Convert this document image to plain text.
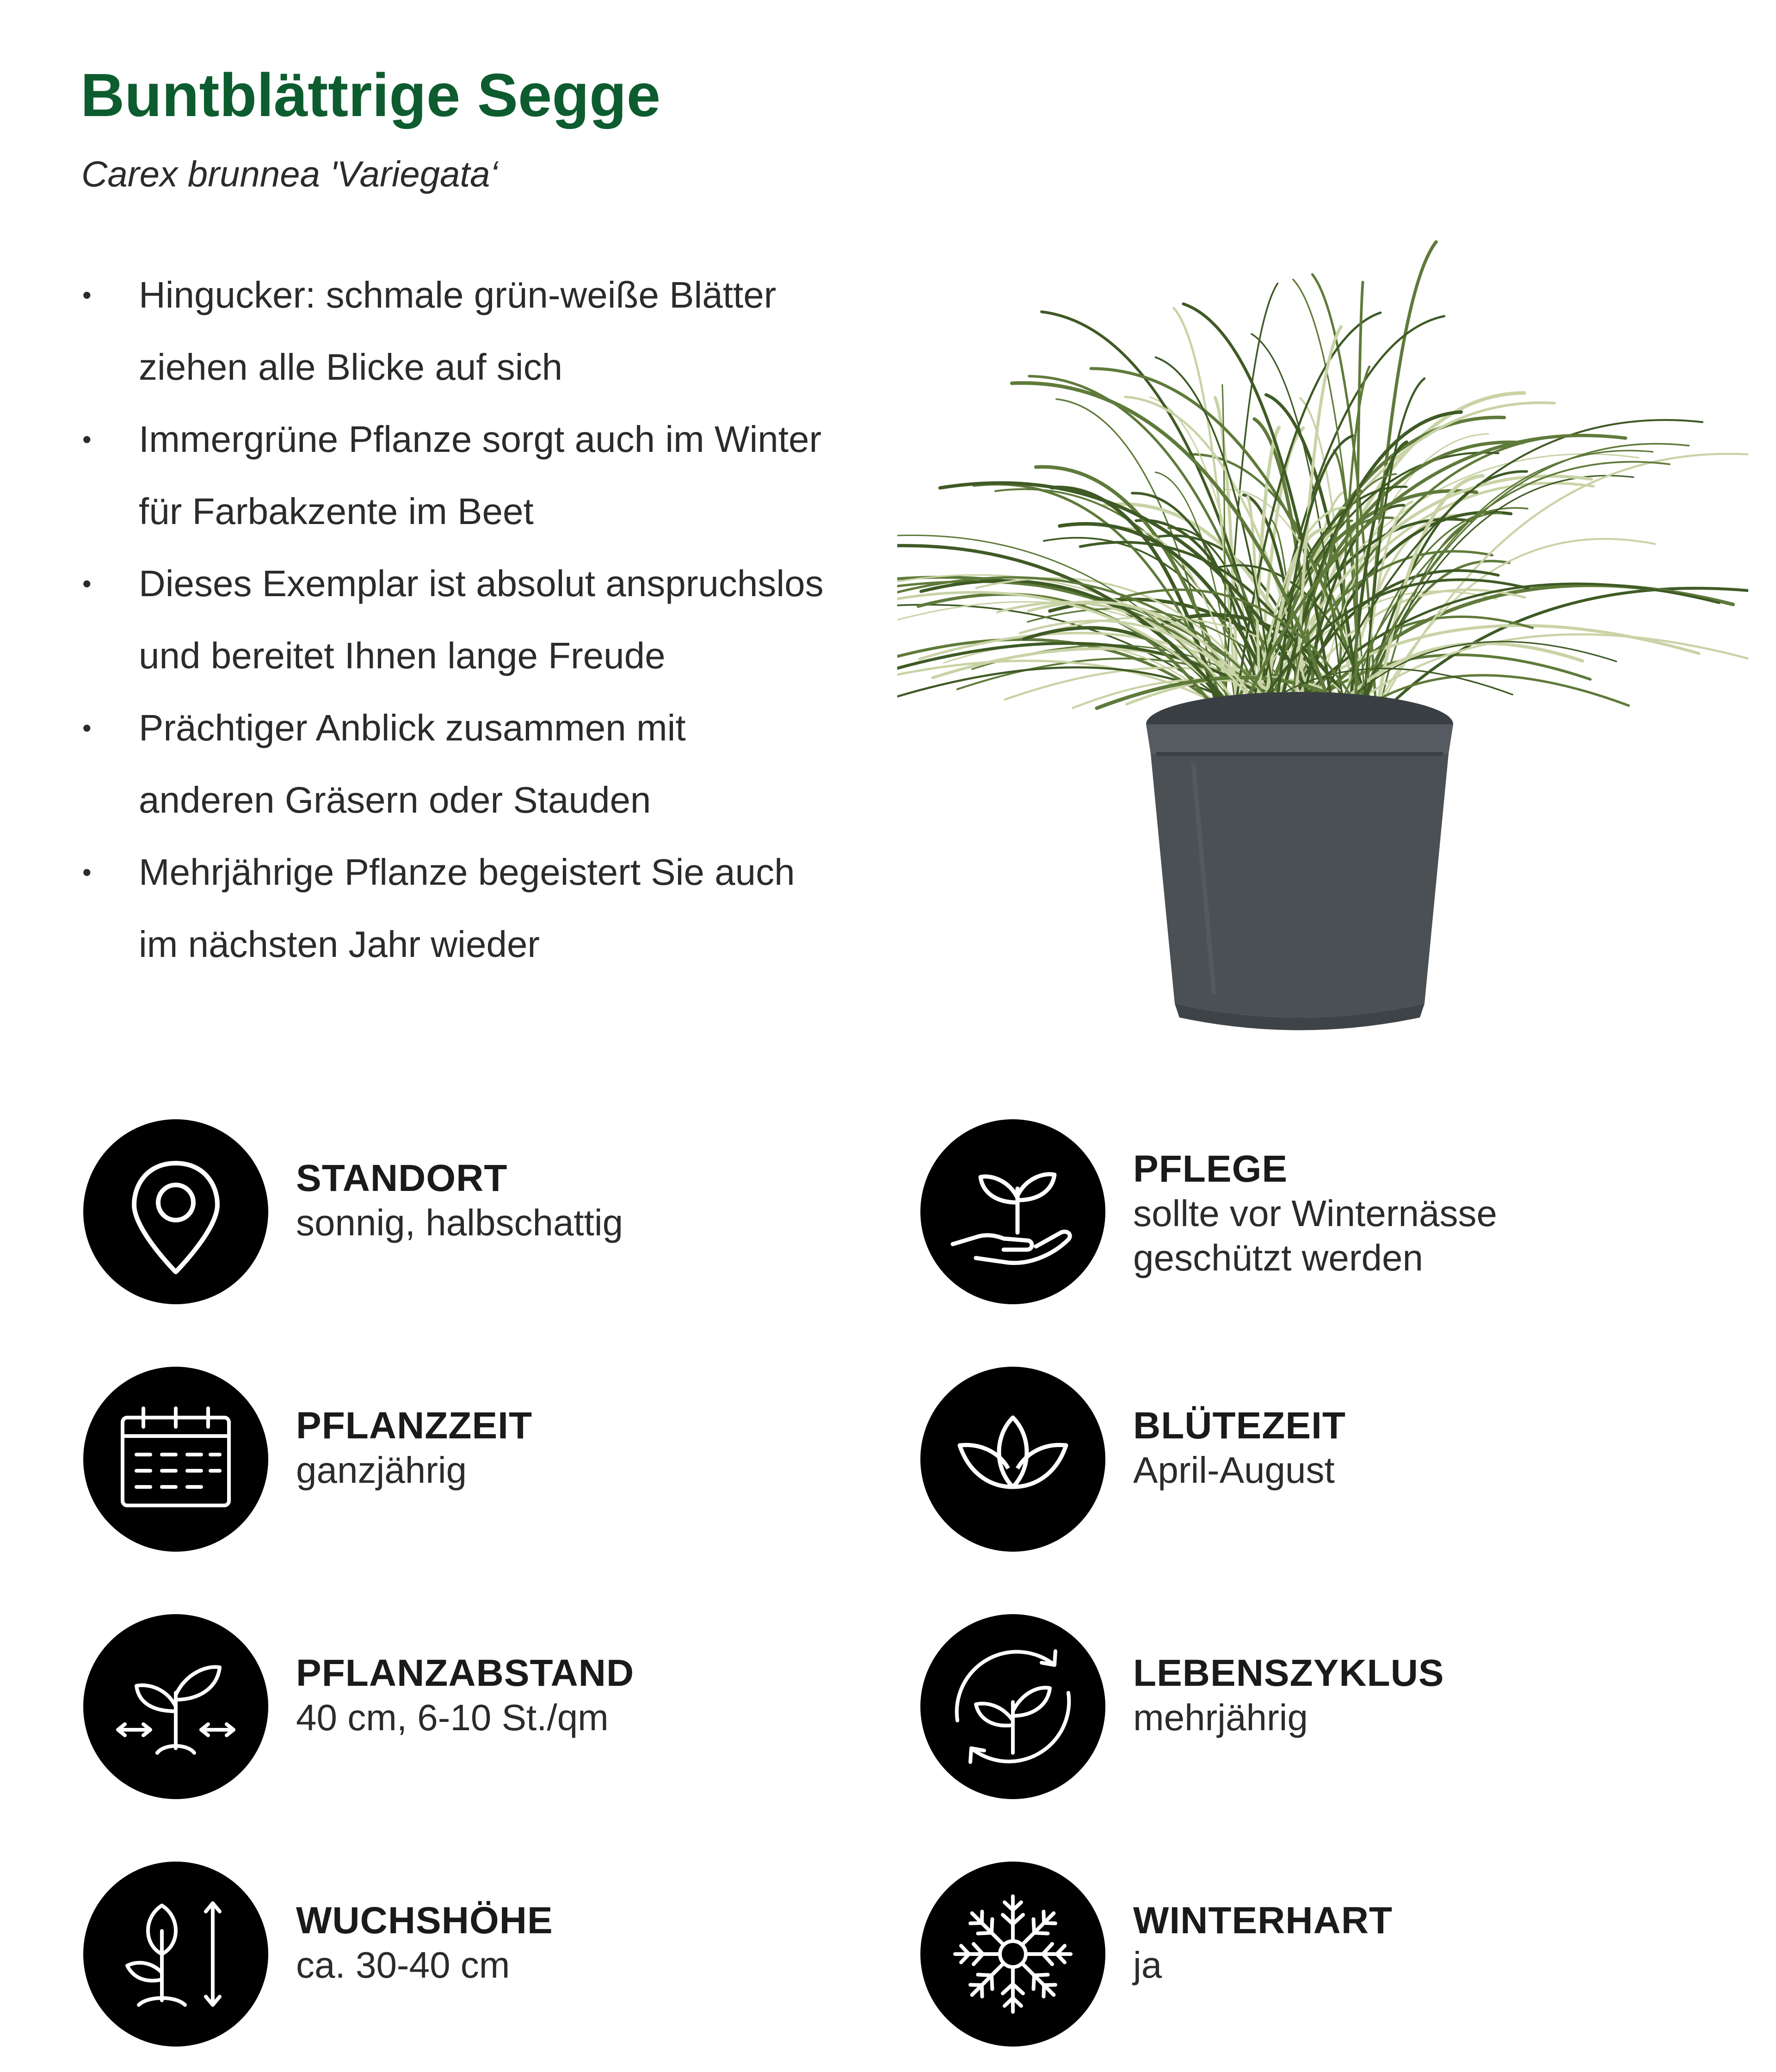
Buntblättrige Segge

Carex brunnea 'Variegata‘

• Hingucker: schmale grün-weiße Blätter
ziehen alle Blicke auf sich
• Immergrüne Pflanze sorgt auch im Winter
für Farbakzente im Beet
• Dieses Exemplar ist absolut anspruchslos
und bereitet Ihnen lange Freude
• Prächtiger Anblick zusammen mit
anderen Gräsern oder Stauden
• Mehrjährige Pflanze begeistert Sie auch
im nächsten Jahr wieder
STANDORT
sonnig, halbschattig
PFLEGE
sollte vor Winternässe
geschützt werden
PFLANZZEIT
ganzjährig
BLÜTEZEIT
April-August
PFLANZABSTAND
40 cm, 6-10 St./qm
LEBENSZYKLUS
mehrjährig
WUCHSHÖHE
ca. 30-40 cm
WINTERHART
ja
